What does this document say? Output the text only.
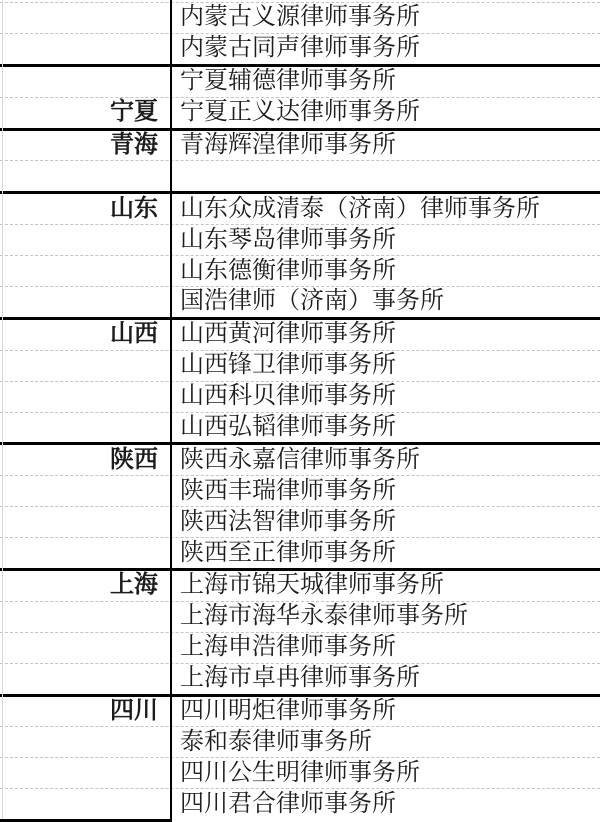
内蒙古义源律师事务所
内蒙古同声律师事务所
宁夏辅德律师事务所
宁夏 宁夏正义达律师事务所
青海 青海辉湟律师事务所
山东 山东众成清泰（济南）律师事务所
山东琴岛律师事务所
山东德衡律师事务所
国浩律师（济南）事务所
山西 山西黄河律师事务所
山西锋卫律师事务所
山西科贝律师事务所
山西弘韬律师事务所
陕西 陕西永嘉信律师事务所
陕西丰瑞律师事务所
陕西法智律师事务所
陕西至正律师事务所
上海 上海市锦天城律师事务所
上海市海华永泰律师事务所
上海申浩律师事务所
上海市卓冉律师事务所
四川 四川明炬律师事务所
泰和泰律师事务所
四川公生明律师事务所
四川君合律师事务所
